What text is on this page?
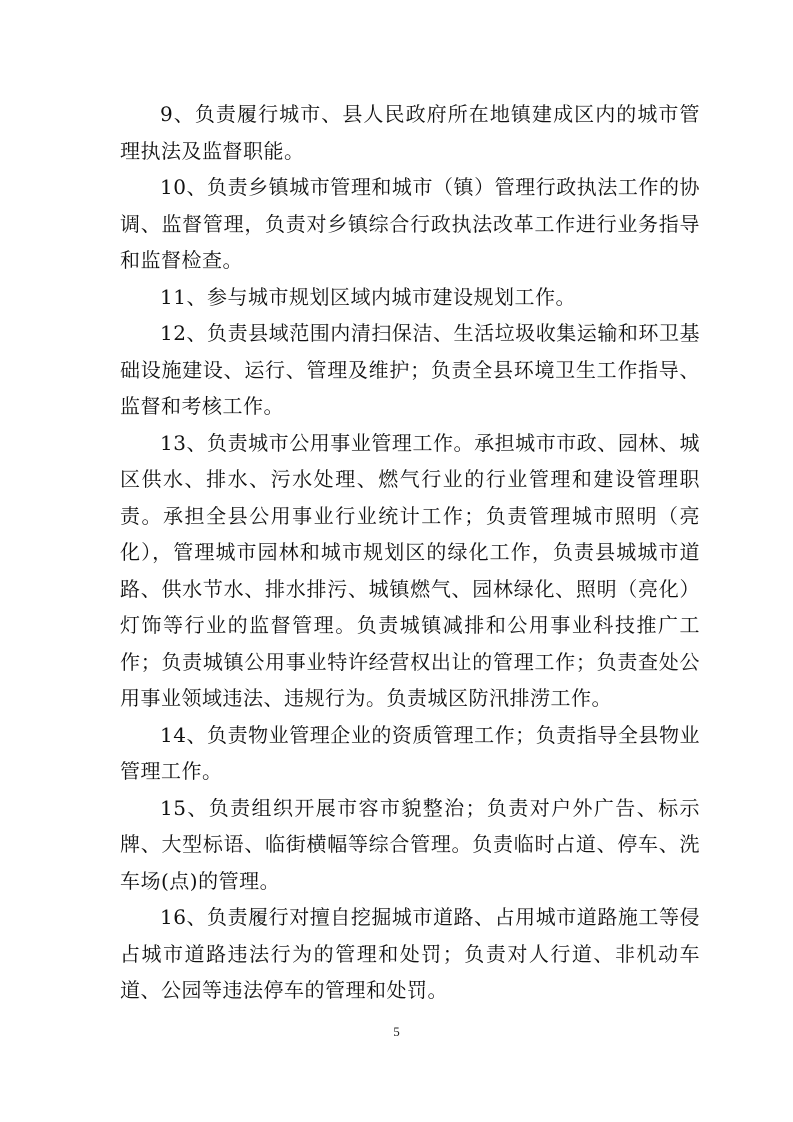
9、负责履行城市、县人民政府所在地镇建成区内的城市管理执法及监督职能。

10、负责乡镇城市管理和城市（镇）管理行政执法工作的协调、监督管理，负责对乡镇综合行政执法改革工作进行业务指导和监督检查。

11、参与城市规划区域内城市建设规划工作。

12、负责县域范围内清扫保洁、生活垃圾收集运输和环卫基础设施建设、运行、管理及维护；负责全县环境卫生工作指导、监督和考核工作。

13、负责城市公用事业管理工作。承担城市市政、园林、城区供水、排水、污水处理、燃气行业的行业管理和建设管理职责。承担全县公用事业行业统计工作；负责管理城市照明（亮化），管理城市园林和城市规划区的绿化工作，负责县城城市道路、供水节水、排水排污、城镇燃气、园林绿化、照明（亮化）灯饰等行业的监督管理。负责城镇减排和公用事业科技推广工作；负责城镇公用事业特许经营权出让的管理工作；负责查处公用事业领域违法、违规行为。负责城区防汛排涝工作。

14、负责物业管理企业的资质管理工作；负责指导全县物业管理工作。

15、负责组织开展市容市貌整治；负责对户外广告、标示牌、大型标语、临街横幅等综合管理。负责临时占道、停车、洗车场(点)的管理。

16、负责履行对擅自挖掘城市道路、占用城市道路施工等侵占城市道路违法行为的管理和处罚；负责对人行道、非机动车道、公园等违法停车的管理和处罚。

5
